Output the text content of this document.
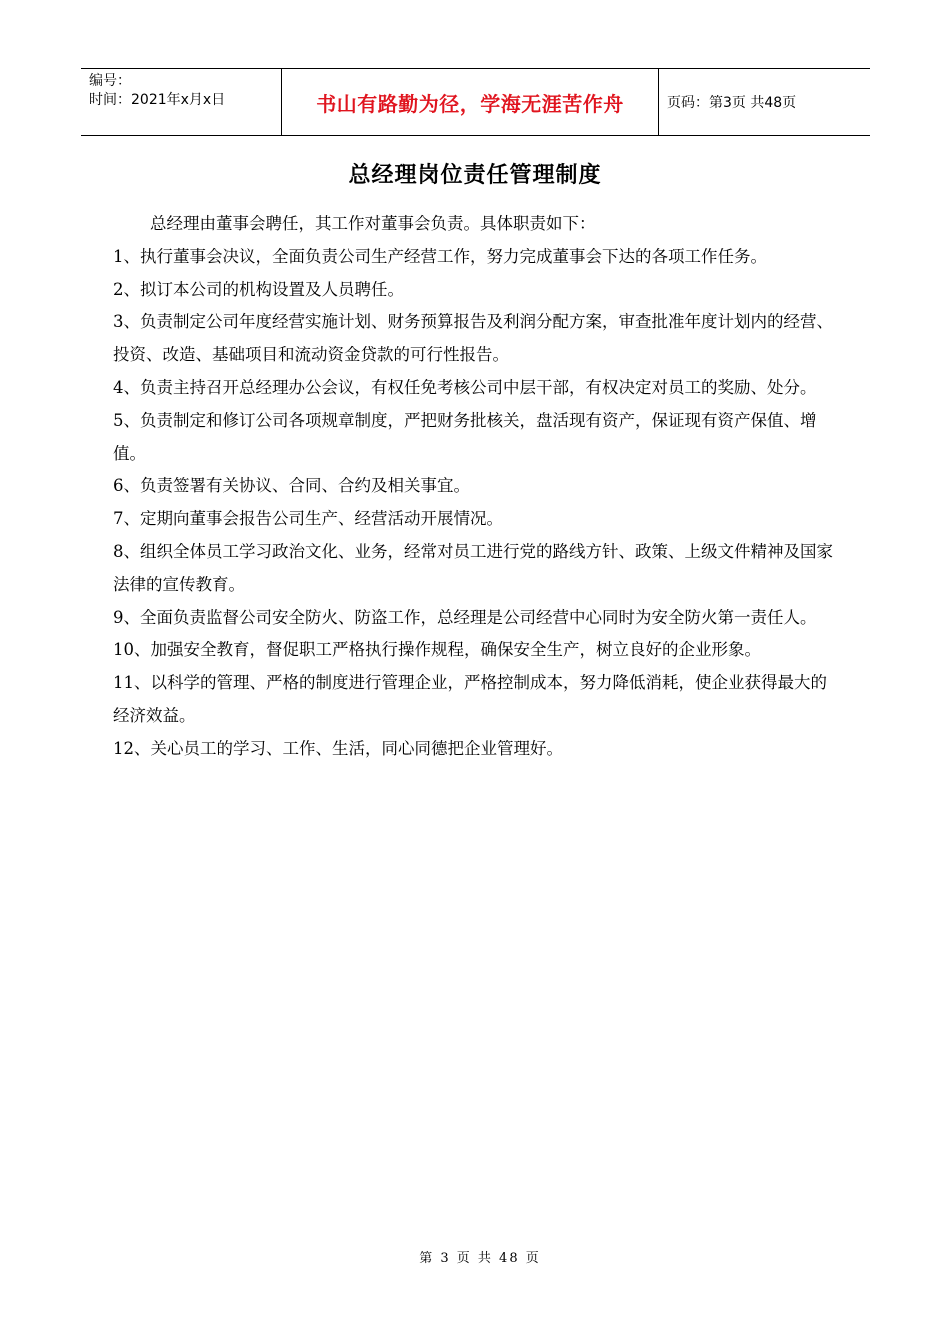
编号：
时间：2021年x月x日	书山有路勤为径，学海无涯苦作舟	页码：第3页 共48页
总经理岗位责任管理制度

总经理由董事会聘任，其工作对董事会负责。具体职责如下：

1、执行董事会决议，全面负责公司生产经营工作，努力完成董事会下达的各项工作任务。

2、拟订本公司的机构设置及人员聘任。

3、负责制定公司年度经营实施计划、财务预算报告及利润分配方案，审查批准年度计划内的经营、投资、改造、基础项目和流动资金贷款的可行性报告。

4、负责主持召开总经理办公会议，有权任免考核公司中层干部，有权决定对员工的奖励、处分。

5、负责制定和修订公司各项规章制度，严把财务批核关，盘活现有资产，保证现有资产保值、增值。

6、负责签署有关协议、合同、合约及相关事宜。

7、定期向董事会报告公司生产、经营活动开展情况。

8、组织全体员工学习政治文化、业务，经常对员工进行党的路线方针、政策、上级文件精神及国家法律的宣传教育。

9、全面负责监督公司安全防火、防盗工作，总经理是公司经营中心同时为安全防火第一责任人。

10、加强安全教育，督促职工严格执行操作规程，确保安全生产，树立良好的企业形象。

11、以科学的管理、严格的制度进行管理企业，严格控制成本，努力降低消耗，使企业获得最大的经济效益。

12、关心员工的学习、工作、生活，同心同德把企业管理好。

第 3 页 共 48 页
